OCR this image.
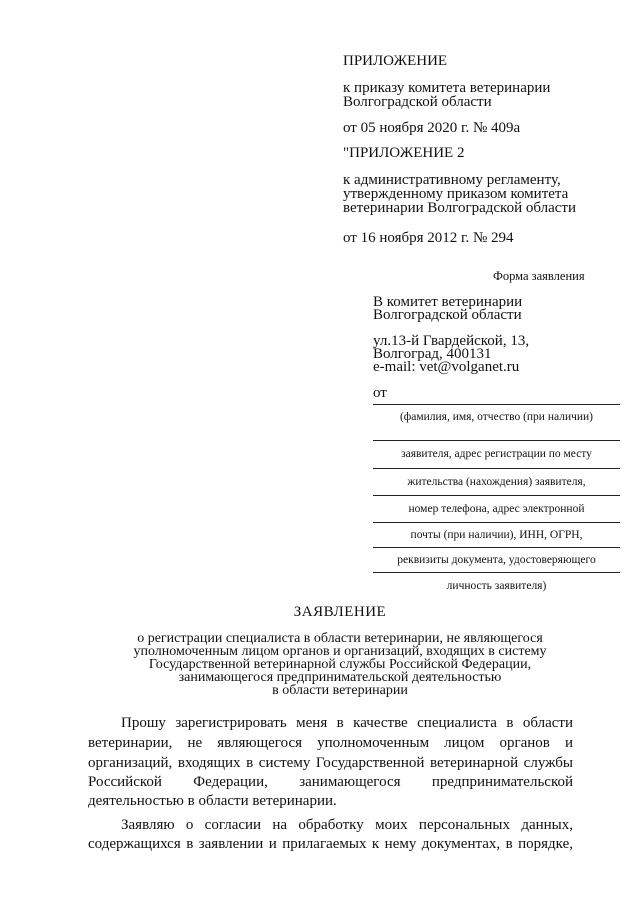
ПРИЛОЖЕНИЕ
к приказу комитета ветеринарии
Волгоградской области
от 05 ноября 2020 г. № 409а
"ПРИЛОЖЕНИЕ 2
к административному регламенту,
утвержденному приказом комитета
ветеринарии Волгоградской области
от 16 ноября 2012 г. № 294
Форма заявления
В комитет ветеринарии
Волгоградской области
ул.13-й Гвардейской, 13,
Волгоград, 400131
e-mail: vet@volganet.ru
от
(фамилия, имя, отчество (при наличии)
заявителя, адрес регистрации по месту
жительства (нахождения) заявителя,
номер телефона, адрес электронной
почты (при наличии), ИНН, ОГРН,
реквизиты документа, удостоверяющего
личность заявителя)
ЗАЯВЛЕНИЕ
о регистрации специалиста в области ветеринарии, не являющегося
уполномоченным лицом органов и организаций, входящих в систему
Государственной ветеринарной службы Российской Федерации,
занимающегося предпринимательской деятельностью
в области ветеринарии
Прошу зарегистрировать меня в качестве специалиста в области
ветеринарии, не являющегося уполномоченным лицом органов и
организаций, входящих в систему Государственной ветеринарной службы
Российской Федерации, занимающегося предпринимательской
деятельностью в области ветеринарии.
Заявляю о согласии на обработку моих персональных данных,
содержащихся в заявлении и прилагаемых к нему документах, в порядке,
